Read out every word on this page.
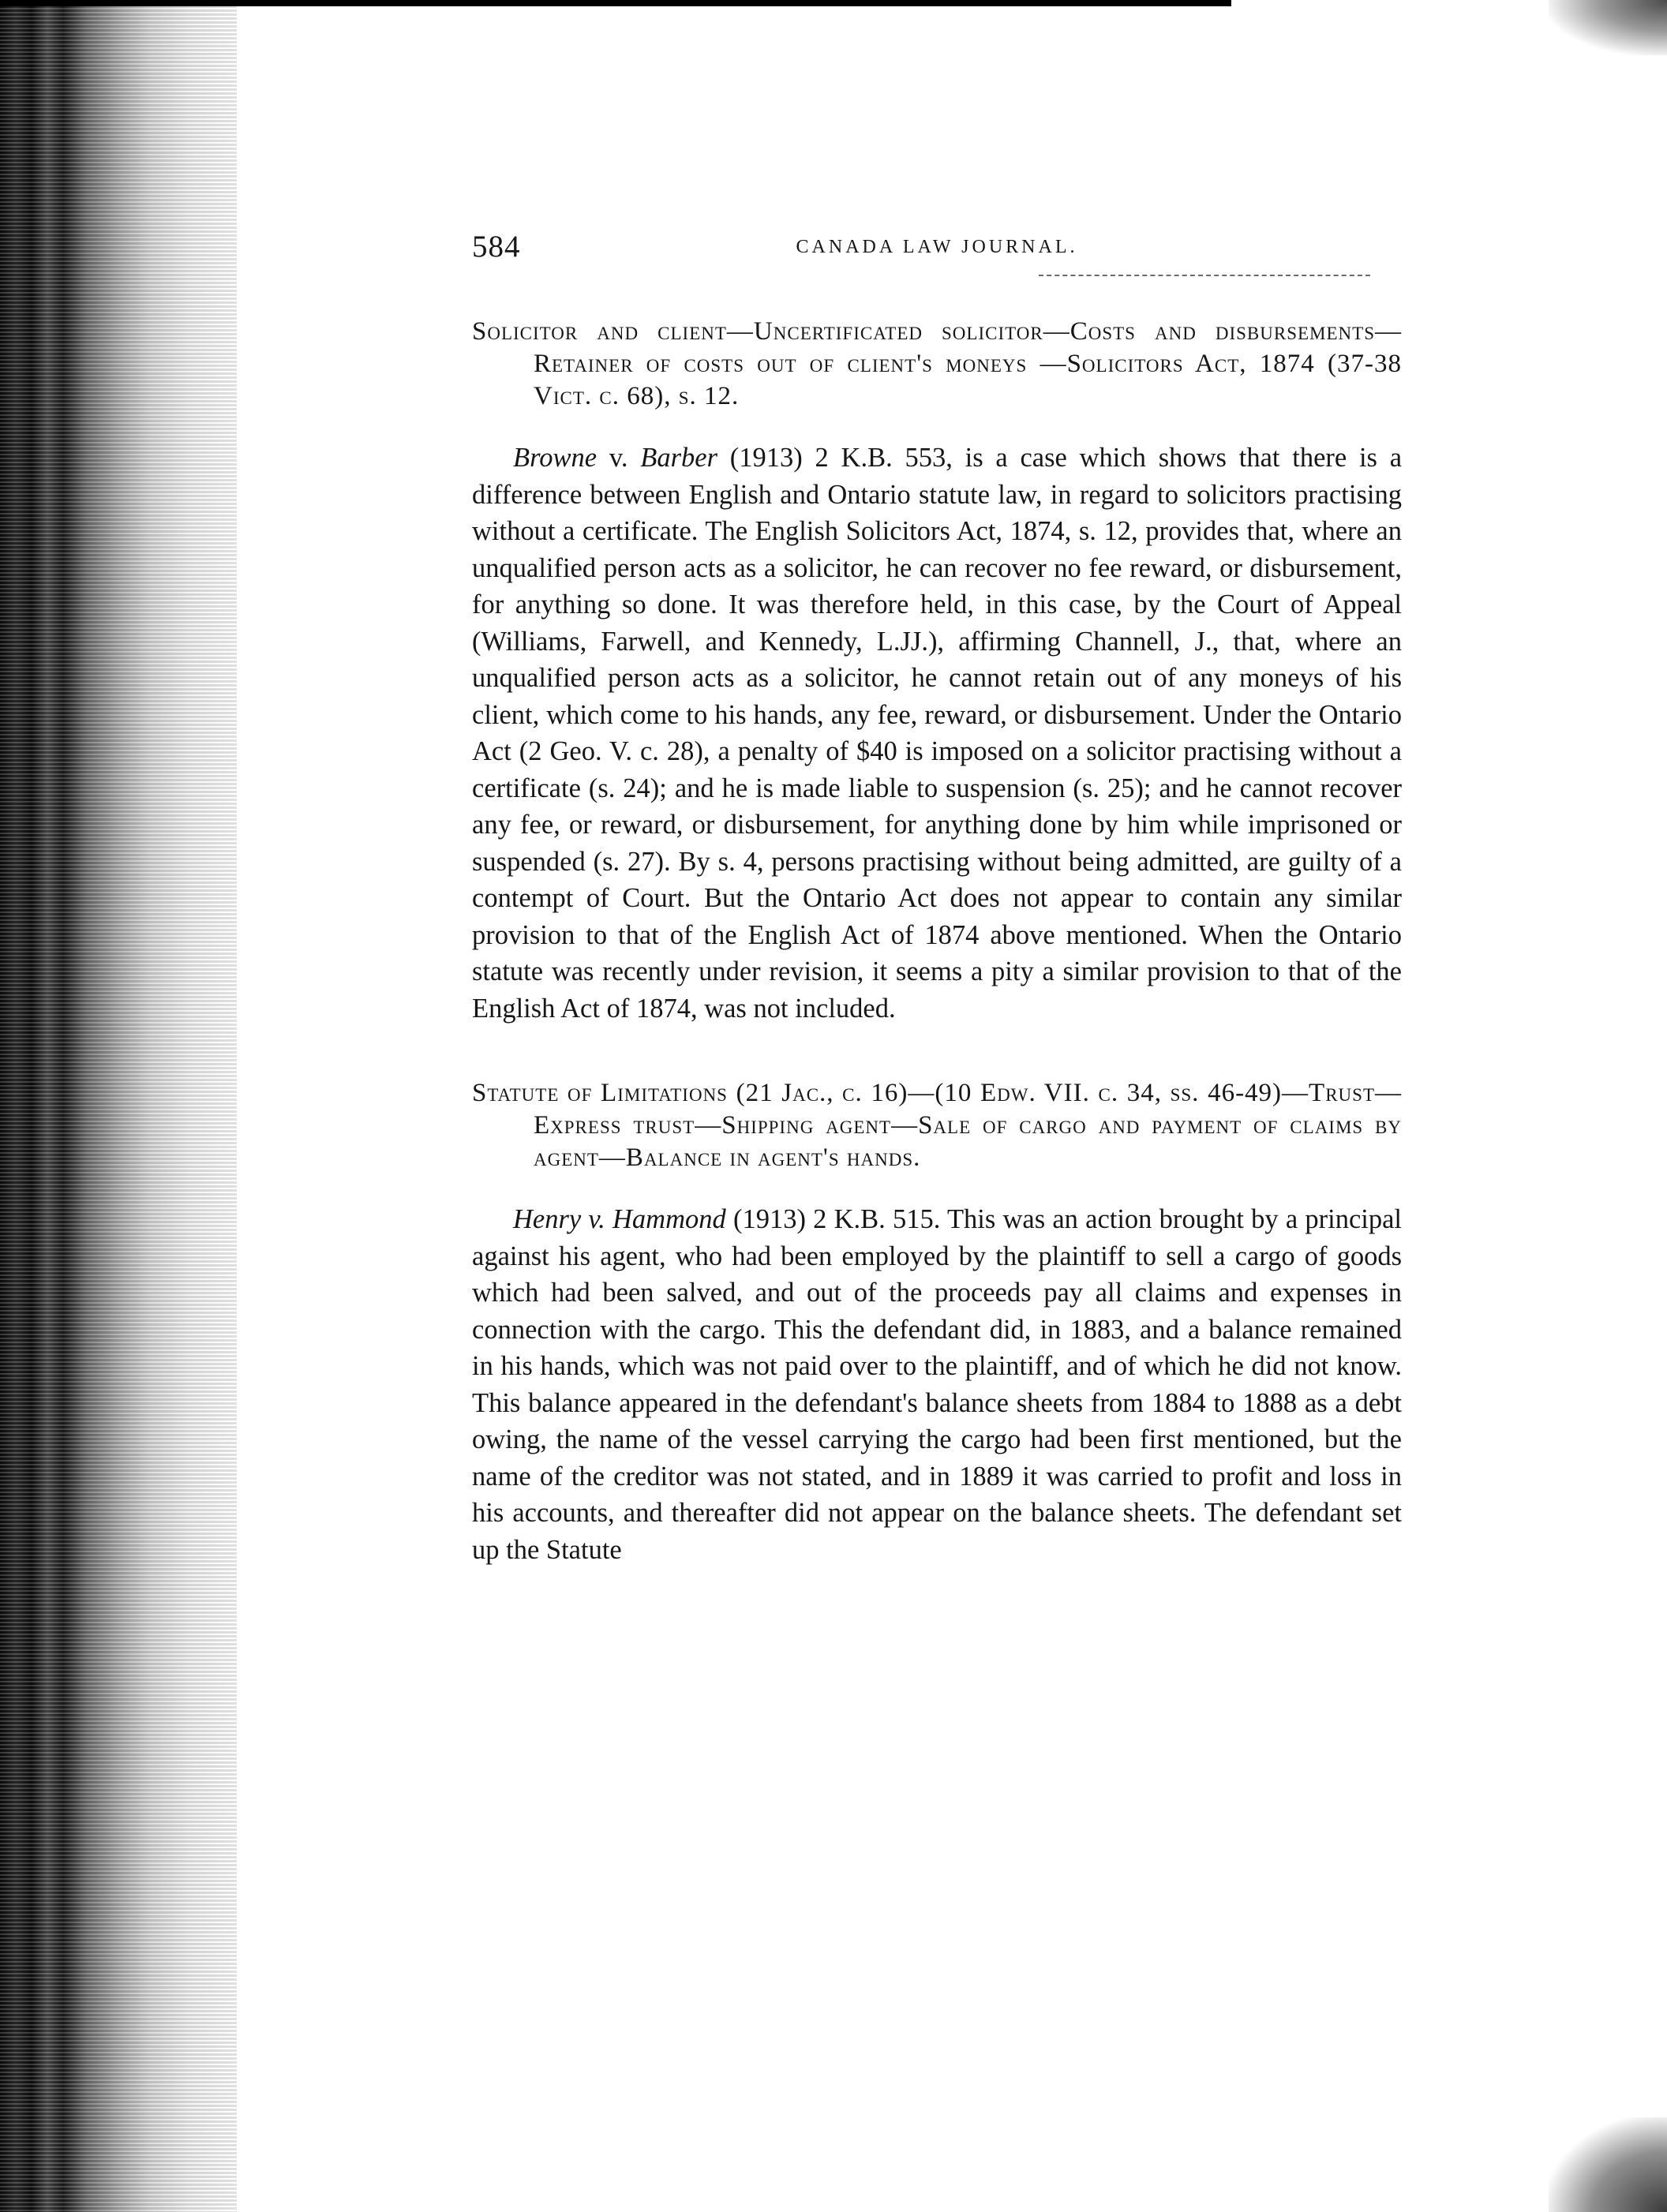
584	CANADA LAW JOURNAL.

Solicitor and client—Uncertificated solicitor—Costs and disbursements—Retainer of costs out of client's moneys —Solicitors Act, 1874 (37-38 Vict. c. 68), s. 12.

Browne v. Barber (1913) 2 K.B. 553, is a case which shows that there is a difference between English and Ontario statute law, in regard to solicitors practising without a certificate. The English Solicitors Act, 1874, s. 12, provides that, where an unqualified person acts as a solicitor, he can recover no fee reward, or disbursement, for anything so done. It was therefore held, in this case, by the Court of Appeal (Williams, Farwell, and Kennedy, L.JJ.), affirming Channell, J., that, where an unqualified person acts as a solicitor, he cannot retain out of any moneys of his client, which come to his hands, any fee, reward, or disbursement. Under the Ontario Act (2 Geo. V. c. 28), a penalty of $40 is imposed on a solicitor practising without a certificate (s. 24); and he is made liable to suspension (s. 25); and he cannot recover any fee, or reward, or disbursement, for anything done by him while imprisoned or suspended (s. 27). By s. 4, persons practising without being admitted, are guilty of a contempt of Court. But the Ontario Act does not appear to contain any similar provision to that of the English Act of 1874 above mentioned. When the Ontario statute was recently under revision, it seems a pity a similar provision to that of the English Act of 1874, was not included.

Statute of Limitations (21 Jac., c. 16)—(10 Edw. VII. c. 34, ss. 46-49)—Trust—Express trust—Shipping agent—Sale of cargo and payment of claims by agent—Balance in agent's hands.

Henry v. Hammond (1913) 2 K.B. 515. This was an action brought by a principal against his agent, who had been employed by the plaintiff to sell a cargo of goods which had been salved, and out of the proceeds pay all claims and expenses in connection with the cargo. This the defendant did, in 1883, and a balance remained in his hands, which was not paid over to the plaintiff, and of which he did not know. This balance appeared in the defendant's balance sheets from 1884 to 1888 as a debt owing, the name of the vessel carrying the cargo had been first mentioned, but the name of the creditor was not stated, and in 1889 it was carried to profit and loss in his accounts, and thereafter did not appear on the balance sheets. The defendant set up the Statute
